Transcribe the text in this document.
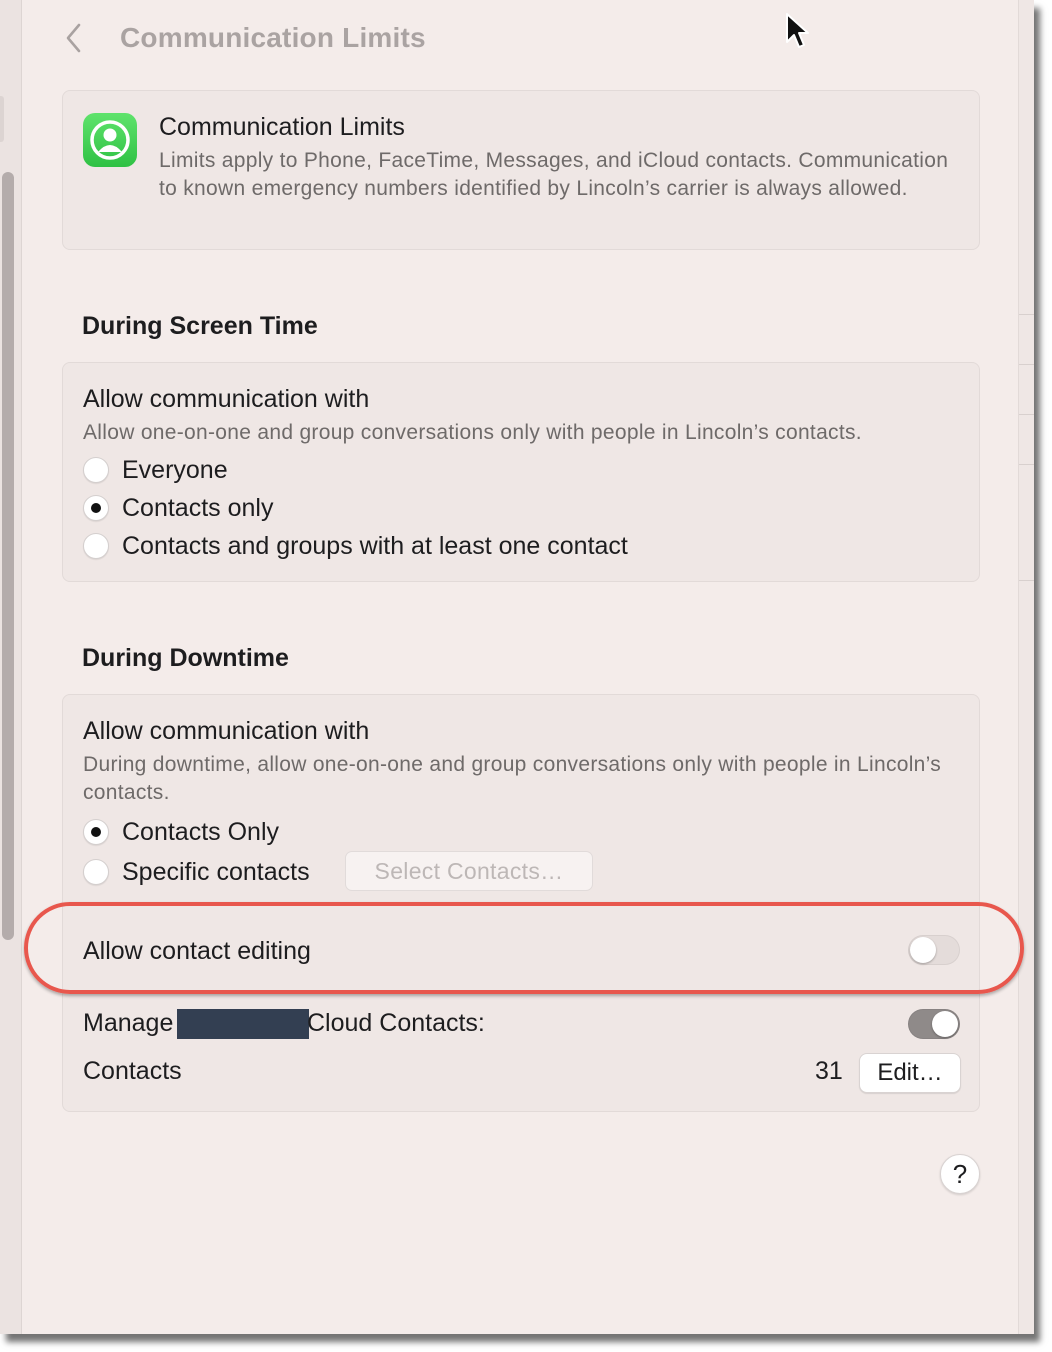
Communication Limits
Communication Limits
Limits apply to Phone, FaceTime, Messages, and iCloud contacts. Communication to known emergency numbers identified by Lincoln’s carrier is always allowed.
During Screen Time
Allow communication with
Allow one-on-one and group conversations only with people in Lincoln’s contacts.
Everyone
Contacts only
Contacts and groups with at least one contact
During Downtime
Allow communication with
During downtime, allow one-on-one and group conversations only with people in Lincoln’s contacts.
Contacts Only
Specific contacts	Select Contacts…
Allow contact editing
Manage	Cloud Contacts:
Contacts	31	Edit…
?
